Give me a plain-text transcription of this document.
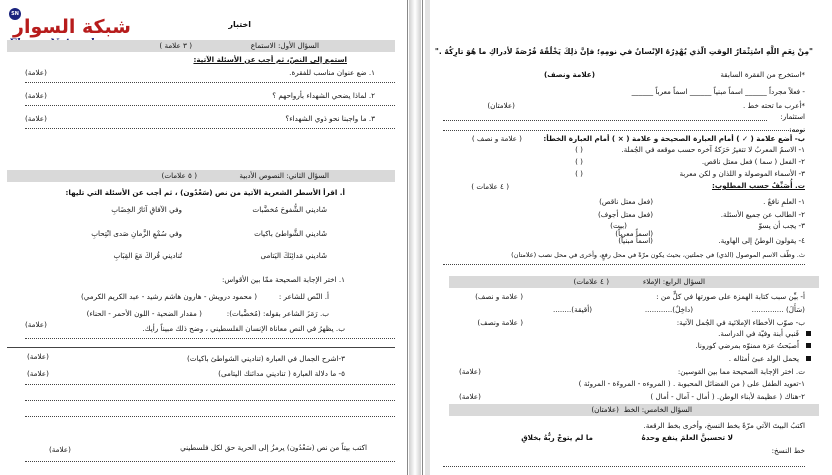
SN
شبكة السوار	اختبار
السؤال الأول: الاستماع
( ٣ علامة )
استمع إلى النصّ، ثم أجب عن الأسئلة الآتية:
١. ضع عنوان مناسب للفقرة.
(علامة)
٢. لماذا يضحي الشهداء بأرواحهم ؟
(علامة)
٣. ما واجبنا نحو ذوي الشهداء؟
(علامة)
السؤال الثاني: النصوص الأدبية
( ٥ علامات)
أ. اقرأ الأسطر الشعرية الآتية من نص (سَعْدُون) ، ثم أجب عن الأسئلة التي تليها:
شَاديني الشُّفوحَ مُخضَّبات
وفي الآفاقِ آثارُ الخِضَابِ
شَاديني الشَّواطئ باكيات
وفي سُمْعِ الزَّمانِ صَدى انْتِحابِ
شَاديني مَدائِنَكَ اليَتامى
تُناديني فُراكَ مَعَ القِبَابِ
١. اختر الإجابة الصحيحة ممّا بين الأقواس:
أ. النّص للشاعر :
( محمود درويش - هارون هاشم رشيد - عبد الكريم الكرمي)
ب. رَمَزَ الشاعر بقوله: (مُخضَّبات):
( مقدار الضحية - اللون الأحمر - الحناء)
ب. يظهرُ في النص معاناة الإنسان الفلسطيني ، وضح ذلك مبيناً رأيك.
(علامة)
٣-اشرح الجمال في العبارة (تناديني الشواطئ باكيات)
(علامة)
٥- ما دلالة العبارة ( تناديني مدائنك اليتامى)
(علامة)
اكتب بيتاً من نص (سَعْدُون) يرمزُ إلى الحرية حق لكل فلسطيني
(علامة)
"مِنْ نِعَمِ اللَّهِ اسْتِثْمَارُ الوقتِ الّذي يُهْدِرُهُ الإنْسانُ في نومِهِ؛ فإنَّ ذلِكَ يَخْلُقُهُ فُرْصَةً لأدراكِ ما هُوَ تارِكُهُ ."
*استخرج من الفقرة السابقة
(علامة ونصف)
- فعلاً مجرداً ______ اسماً مبنياً ______ اسماً معرباً ______
*أعرب ما تحته خط .
(علامتان)
استثمار:
نومه:
ب- أضع علامة ( ✓ ) أمام العبارة الصحيحة و علامة ( × ) أمام العبارة الخطأ:
( علامة و نصف )
١- الاسمُ المعربُ لا تتغيرُ حَرَكةُ آخره حسب موقعه في الجُملة.
( )
٢- الفعل ( سما ) فعل معتل ناقص.
( )
٣- الأسماء الموصولة و اللذان و لكن معربة
( )
ت. أُصَنِّفُ حسب المطلوب:
( ٤ علامات )
١- العلمِ نافعٌ .
(فعل معتل ناقص)
٢- الطالب عن جميع الأسئلة.
(فعل معتل أجوف)
٣- يجب أن يسوّ
(بيت)
(اسماً معرباً)
٤- يقولون الوطنُ إلى الهاوية.
(اسماً مبنياً)
ث. وظّف الاسم الموصول (الذي) في جملتين، بحيث يكون مرّةً في محل رفعٍ، وأخرى في محل نصب (علامتان)
السؤال الرابع: الإملاء
( ٤ علامات)
أ- بيِّن سبب كتابة الهمزة على صورتها في كلٍّ من :
( علامة و نصف)
(سَأَلَ) ..............
(داخِلٌ)............
(أقيقة)........
ب- صوّب الأخطاء الإملائية في الجُمل الآتية:
( علامة ونصف)
فَنبي أبنة وفيّة في الدراسة.
أَصبَحتُ عزة ممنوّه بمرضي كورونا.
يحمل الولد عبئ أمثاله .
ت. اختر الإجابة الصحيحة مما بين القوسين:
١-تعويد الطفل على ( من الفضائل المحبوبة . ( المروءه - المروءَة - المروئة )
(علامة)
٢-هناك ( عظيمة لأبناء الوطن. ( أمال - آمال - أمال )
(علامة)
السؤال الخامس: الخط
(علامتان)
اكتبُ البيتَ الآتي مرّةً بخط النسخ، وأخرى بخط الرقعة.
لا تحسبنَّ العلمَ ينفع وحدهُ
ما لم يتوجْ ربُّهُ بخلاقِ
خط النسخ:
